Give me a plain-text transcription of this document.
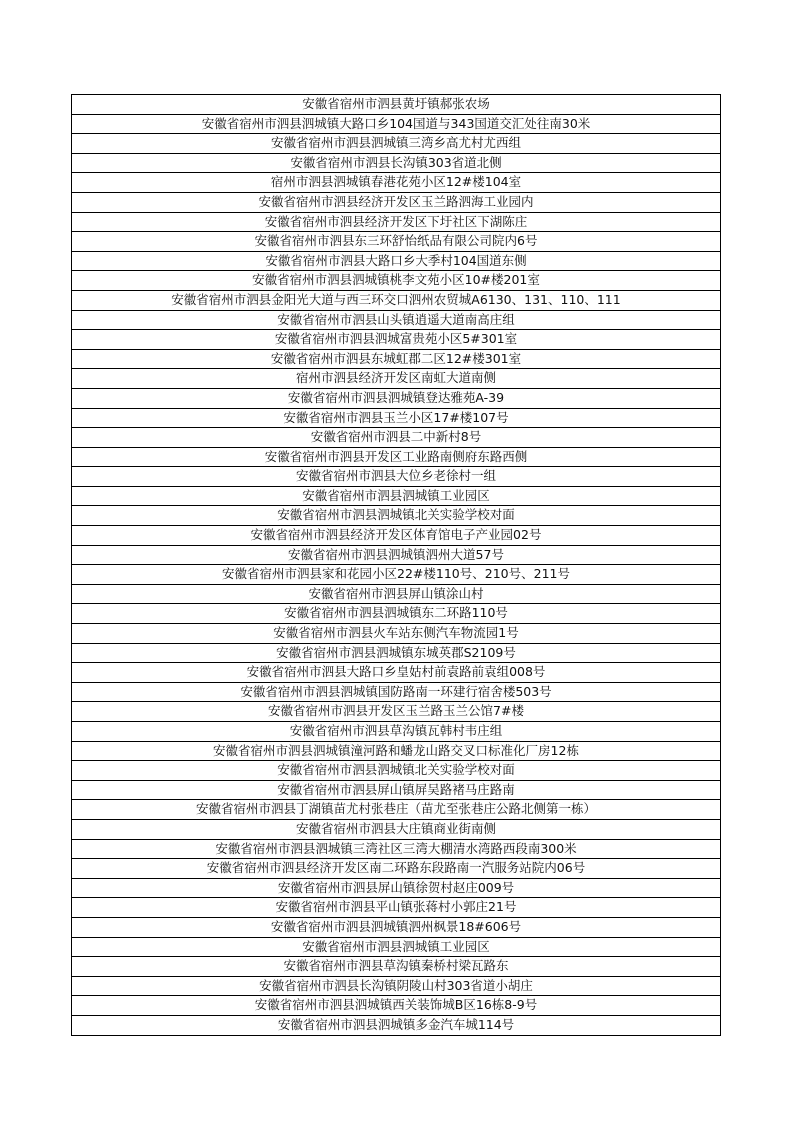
安徽省宿州市泗县黄圩镇郝张农场
安徽省宿州市泗县泗城镇大路口乡104国道与343国道交汇处往南30米
安徽省宿州市泗县泗城镇三湾乡高尤村尤西组
安徽省宿州市泗县长沟镇303省道北侧
宿州市泗县泗城镇春港花苑小区12#楼104室
安徽省宿州市泗县经济开发区玉兰路泗海工业园内
安徽省宿州市泗县经济开发区下圩社区下湖陈庄
安徽省宿州市泗县东三环舒怡纸品有限公司院内6号
安徽省宿州市泗县大路口乡大季村104国道东侧
安徽省宿州市泗县泗城镇桃李文苑小区10#楼201室
安徽省宿州市泗县金阳光大道与西三环交口泗州农贸城A6130、131、110、111
安徽省宿州市泗县山头镇逍遥大道南高庄组
安徽省宿州市泗县泗城富贵苑小区5#301室
安徽省宿州市泗县东城虹郡二区12#楼301室
宿州市泗县经济开发区南虹大道南侧
安徽省宿州市泗县泗城镇登达雅苑A-39
安徽省宿州市泗县玉兰小区17#楼107号
安徽省宿州市泗县二中新村8号
安徽省宿州市泗县开发区工业路南侧府东路西侧
安徽省宿州市泗县大位乡老徐村一组
安徽省宿州市泗县泗城镇工业园区
安徽省宿州市泗县泗城镇北关实验学校对面
安徽省宿州市泗县经济开发区体育馆电子产业园02号
安徽省宿州市泗县泗城镇泗州大道57号
安徽省宿州市泗县家和花园小区22#楼110号、210号、211号
安徽省宿州市泗县屏山镇涂山村
安徽省宿州市泗县泗城镇东二环路110号
安徽省宿州市泗县火车站东侧汽车物流园1号
安徽省宿州市泗县泗城镇东城英郡S2109号
安徽省宿州市泗县大路口乡皇姑村前袁路前袁组008号
安徽省宿州市泗县泗城镇国防路南一环建行宿舍楼503号
安徽省宿州市泗县开发区玉兰路玉兰公馆7#楼
安徽省宿州市泗县草沟镇瓦韩村韦庄组
安徽省宿州市泗县泗城镇潼河路和蟠龙山路交叉口标准化厂房12栋
安徽省宿州市泗县泗城镇北关实验学校对面
安徽省宿州市泗县屏山镇屏吴路褚马庄路南
安徽省宿州市泗县丁湖镇苗尤村张巷庄（苗尤至张巷庄公路北侧第一栋）
安徽省宿州市泗县大庄镇商业街南侧
安徽省宿州市泗县泗城镇三湾社区三湾大棚清水湾路西段南300米
安徽省宿州市泗县经济开发区南二环路东段路南一汽服务站院内06号
安徽省宿州市泗县屏山镇徐贺村赵庄009号
安徽省宿州市泗县平山镇张蒋村小郭庄21号
安徽省宿州市泗县泗城镇泗州枫景18#606号
安徽省宿州市泗县泗城镇工业园区
安徽省宿州市泗县草沟镇秦桥村梁瓦路东
安徽省宿州市泗县长沟镇阴陵山村303省道小胡庄
安徽省宿州市泗县泗城镇西关装饰城B区16栋8-9号
安徽省宿州市泗县泗城镇多金汽车城114号
